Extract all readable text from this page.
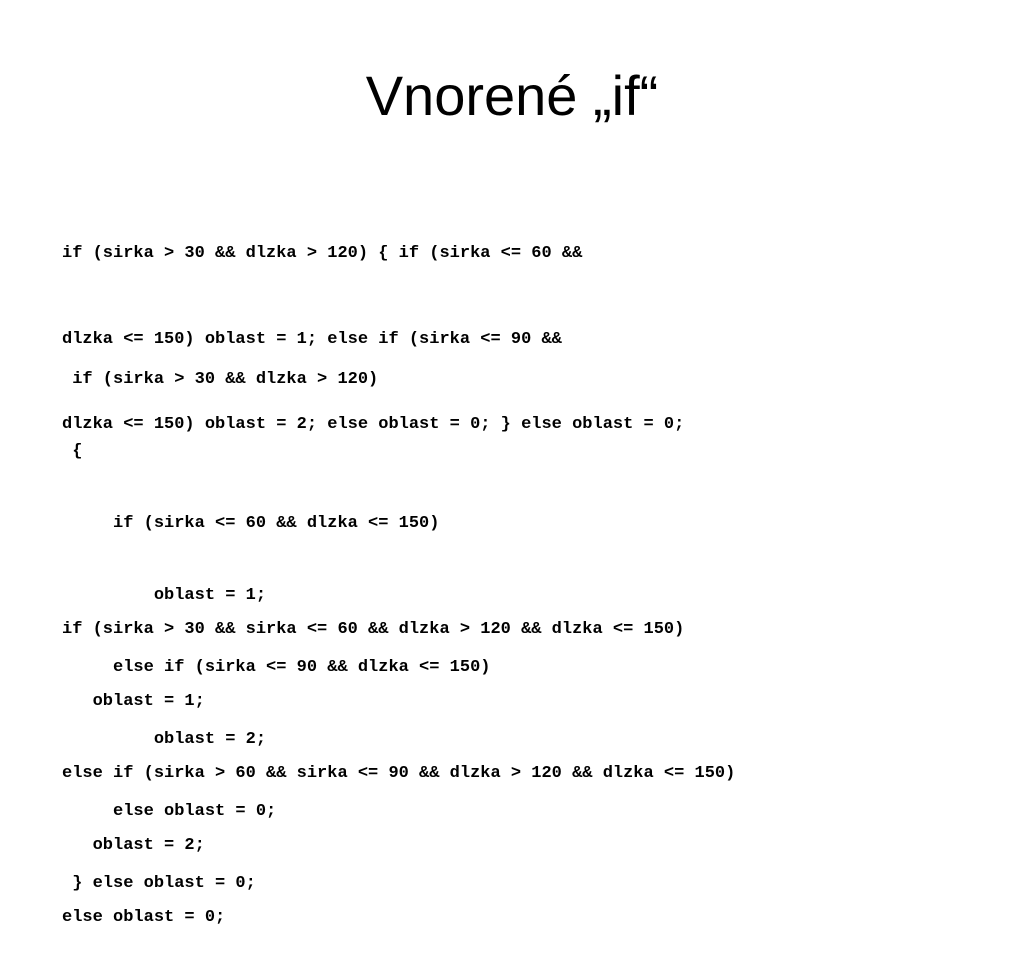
Vnorené „if“

if (sirka > 30 && dlzka > 120) { if (sirka <= 60 &&

dlzka <= 150) oblast = 1; else if (sirka <= 90 &&

dlzka <= 150) oblast = 2; else oblast = 0; } else oblast = 0;

if (sirka > 30 && dlzka > 120)

{

if (sirka <= 60 && dlzka <= 150)

oblast = 1;

else if (sirka <= 90 && dlzka <= 150)

oblast = 2;

else oblast = 0;

} else oblast = 0;

if (sirka > 30 && sirka <= 60 && dlzka > 120 && dlzka <= 150)

oblast = 1;

else if (sirka > 60 && sirka <= 90 && dlzka > 120 && dlzka <= 150)

oblast = 2;

else oblast = 0;
